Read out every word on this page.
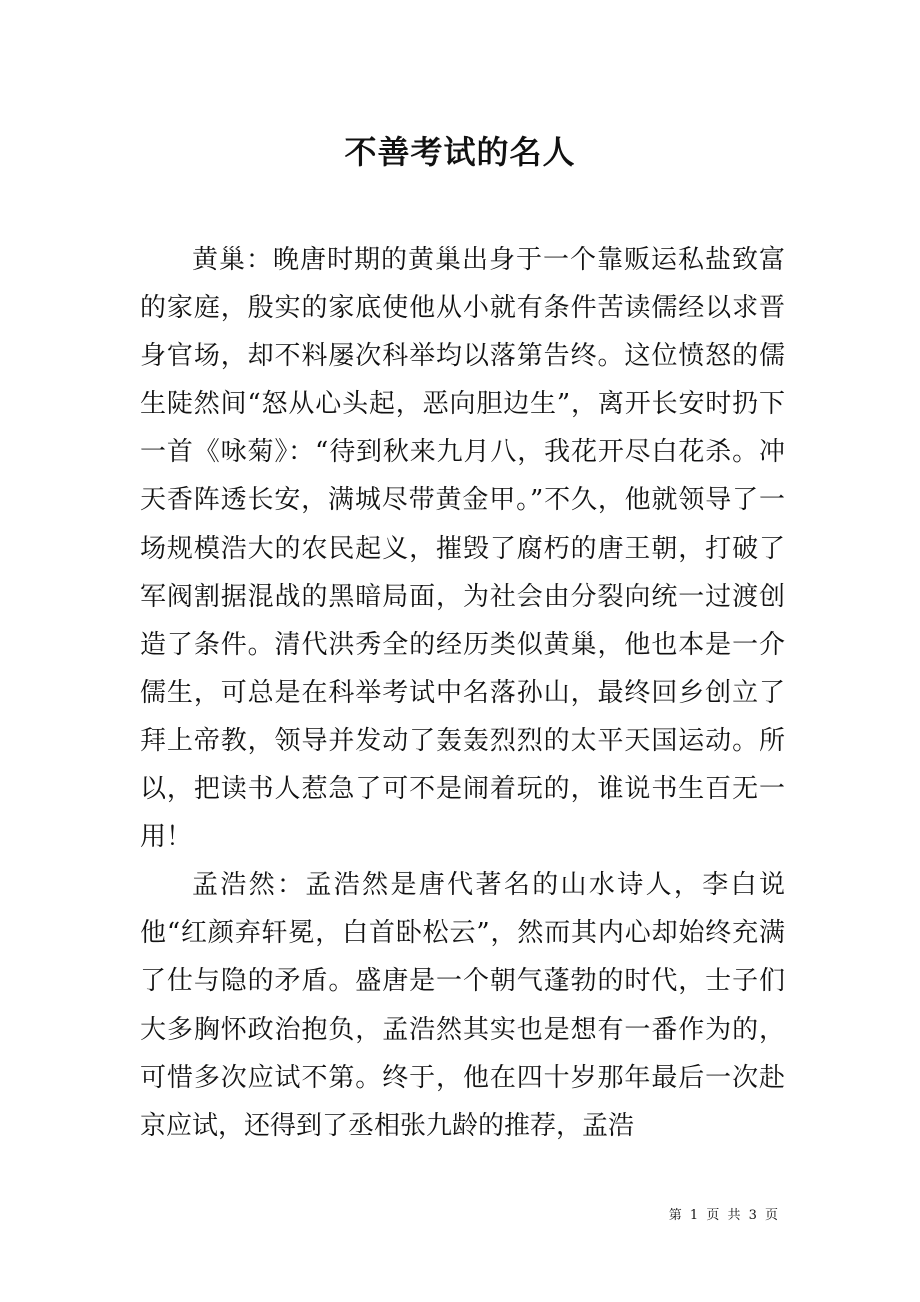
不善考试的名人

黄巢：晚唐时期的黄巢出身于一个靠贩运私盐致富的家庭，殷实的家底使他从小就有条件苦读儒经以求晋身官场，却不料屡次科举均以落第告终。这位愤怒的儒生陡然间“怒从心头起，恶向胆边生”，离开长安时扔下一首《咏菊》：“待到秋来九月八，我花开尽白花杀。冲天香阵透长安，满城尽带黄金甲。”不久，他就领导了一场规模浩大的农民起义，摧毁了腐朽的唐王朝，打破了军阀割据混战的黑暗局面，为社会由分裂向统一过渡创造了条件。清代洪秀全的经历类似黄巢，他也本是一介儒生，可总是在科举考试中名落孙山，最终回乡创立了拜上帝教，领导并发动了轰轰烈烈的太平天国运动。所以，把读书人惹急了可不是闹着玩的，谁说书生百无一用！

孟浩然：孟浩然是唐代著名的山水诗人，李白说他“红颜弃轩冕，白首卧松云”，然而其内心却始终充满了仕与隐的矛盾。盛唐是一个朝气蓬勃的时代，士子们大多胸怀政治抱负，孟浩然其实也是想有一番作为的，可惜多次应试不第。终于，他在四十岁那年最后一次赴京应试，还得到了丞相张九龄的推荐，孟浩

第 1 页 共 3 页
